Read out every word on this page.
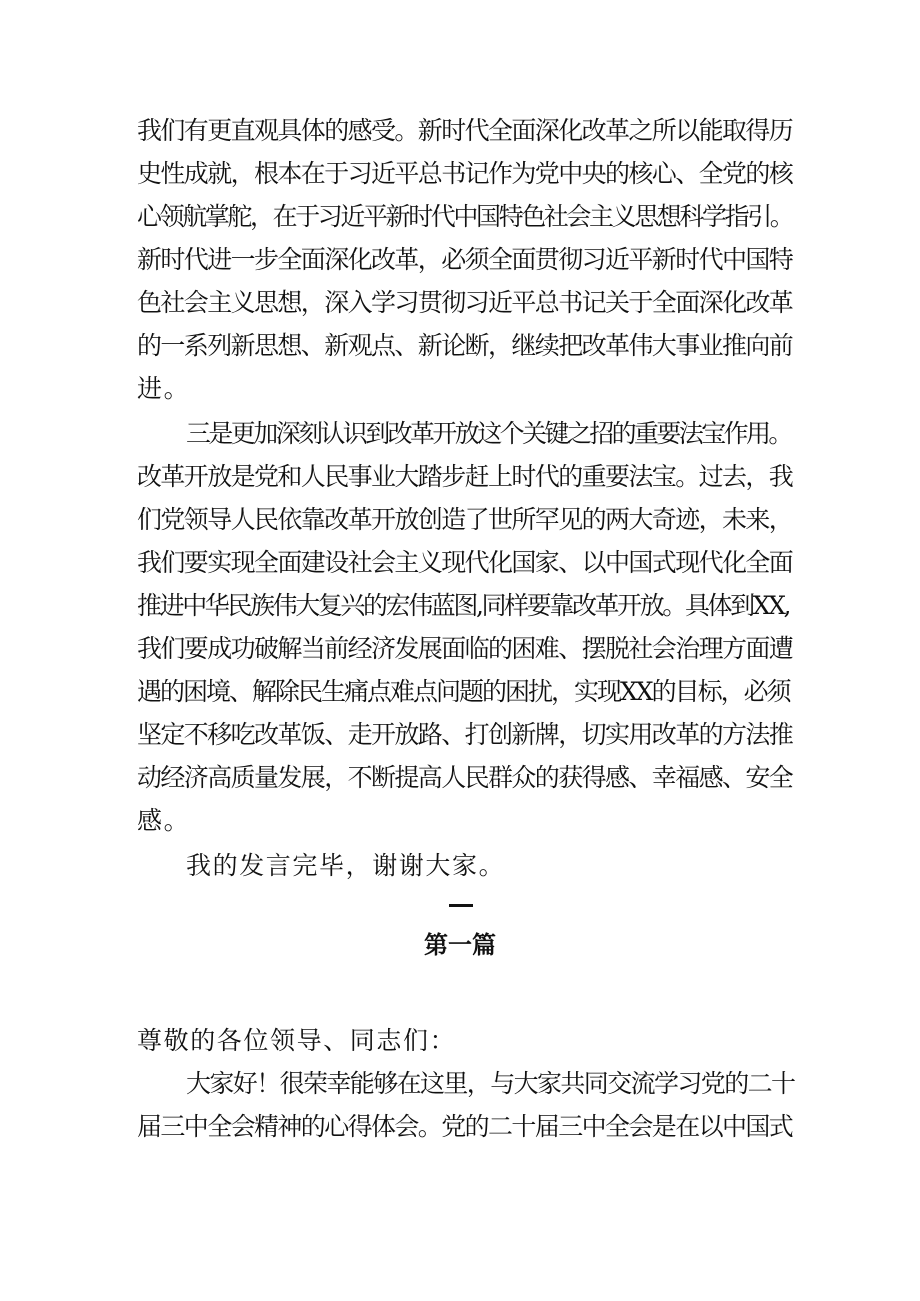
我们有更直观具体的感受。新时代全面深化改革之所以能取得历
史性成就，根本在于习近平总书记作为党中央的核心、全党的核
心领航掌舵，在于习近平新时代中国特色社会主义思想科学指引。
新时代进一步全面深化改革，必须全面贯彻习近平新时代中国特
色社会主义思想，深入学习贯彻习近平总书记关于全面深化改革
的一系列新思想、新观点、新论断，继续把改革伟大事业推向前
进。
三是更加深刻认识到改革开放这个关键之招的重要法宝作用。
改革开放是党和人民事业大踏步赶上时代的重要法宝。过去，我
们党领导人民依靠改革开放创造了世所罕见的两大奇迹，未来，
我们要实现全面建设社会主义现代化国家、以中国式现代化全面
推进中华民族伟大复兴的宏伟蓝图,同样要靠改革开放。具体到XX,
我们要成功破解当前经济发展面临的困难、摆脱社会治理方面遭
遇的困境、解除民生痛点难点问题的困扰，实现XX的目标，必须
坚定不移吃改革饭、走开放路、打创新牌，切实用改革的方法推
动经济高质量发展，不断提高人民群众的获得感、幸福感、安全
感。
我的发言完毕，谢谢大家。
第一篇
尊敬的各位领导、同志们：
大家好！很荣幸能够在这里，与大家共同交流学习党的二十
届三中全会精神的心得体会。党的二十届三中全会是在以中国式
